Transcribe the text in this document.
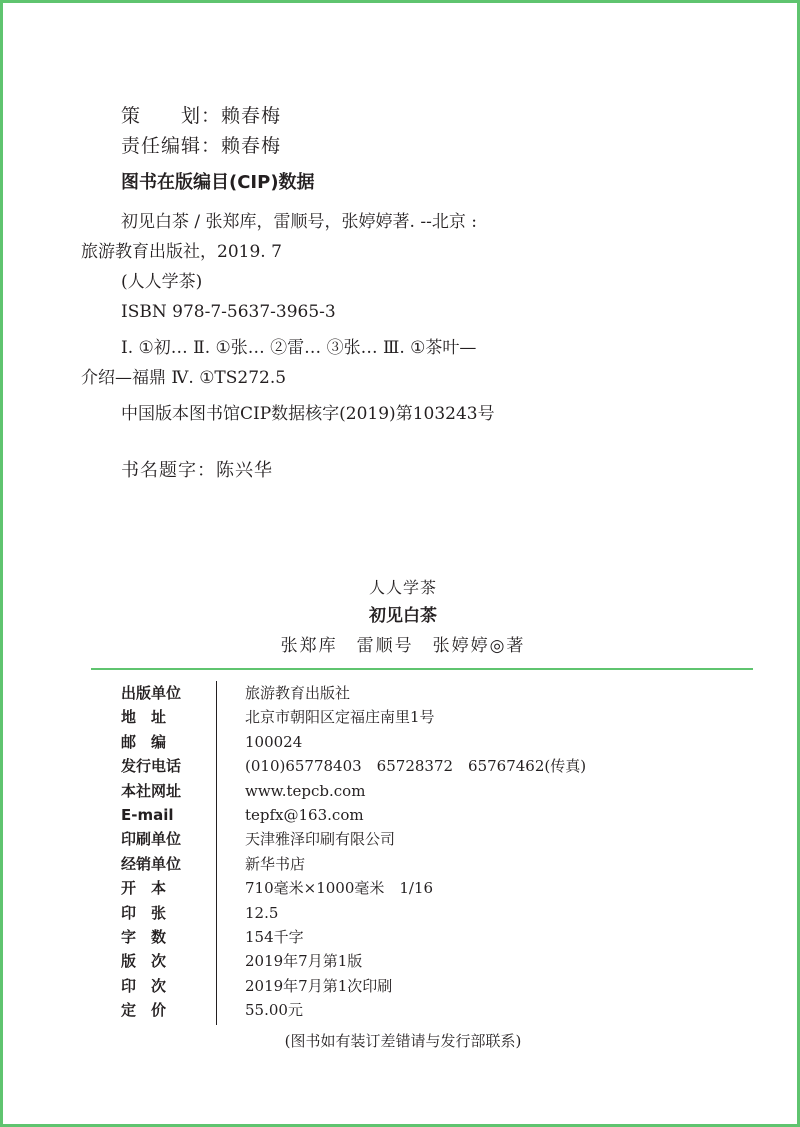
策　　划：赖春梅
责任编辑：赖春梅
图书在版编目(CIP)数据
初见白茶 / 张郑库，雷顺号，张婷婷著. --北京 :
旅游教育出版社，2019. 7
(人人学茶)
ISBN 978-7-5637-3965-3
Ⅰ. ①初… Ⅱ. ①张… ②雷… ③张… Ⅲ. ①茶叶—
介绍—福鼎 Ⅳ. ①TS272.5
中国版本图书馆CIP数据核字(2019)第103243号
书名题字：陈兴华
人人学茶
初见白茶
张郑库　雷顺号　张婷婷◎著
出版单位	旅游教育出版社
地　址	北京市朝阳区定福庄南里1号
邮　编	100024
发行电话	(010)65778403　65728372　65767462(传真)
本社网址	www.tepcb.com
E-mail	tepfx@163.com
印刷单位	天津雅泽印刷有限公司
经销单位	新华书店
开　本	710毫米×1000毫米　1/16
印　张	12.5
字　数	154千字
版　次	2019年7月第1版
印　次	2019年7月第1次印刷
定　价	55.00元
(图书如有装订差错请与发行部联系)
